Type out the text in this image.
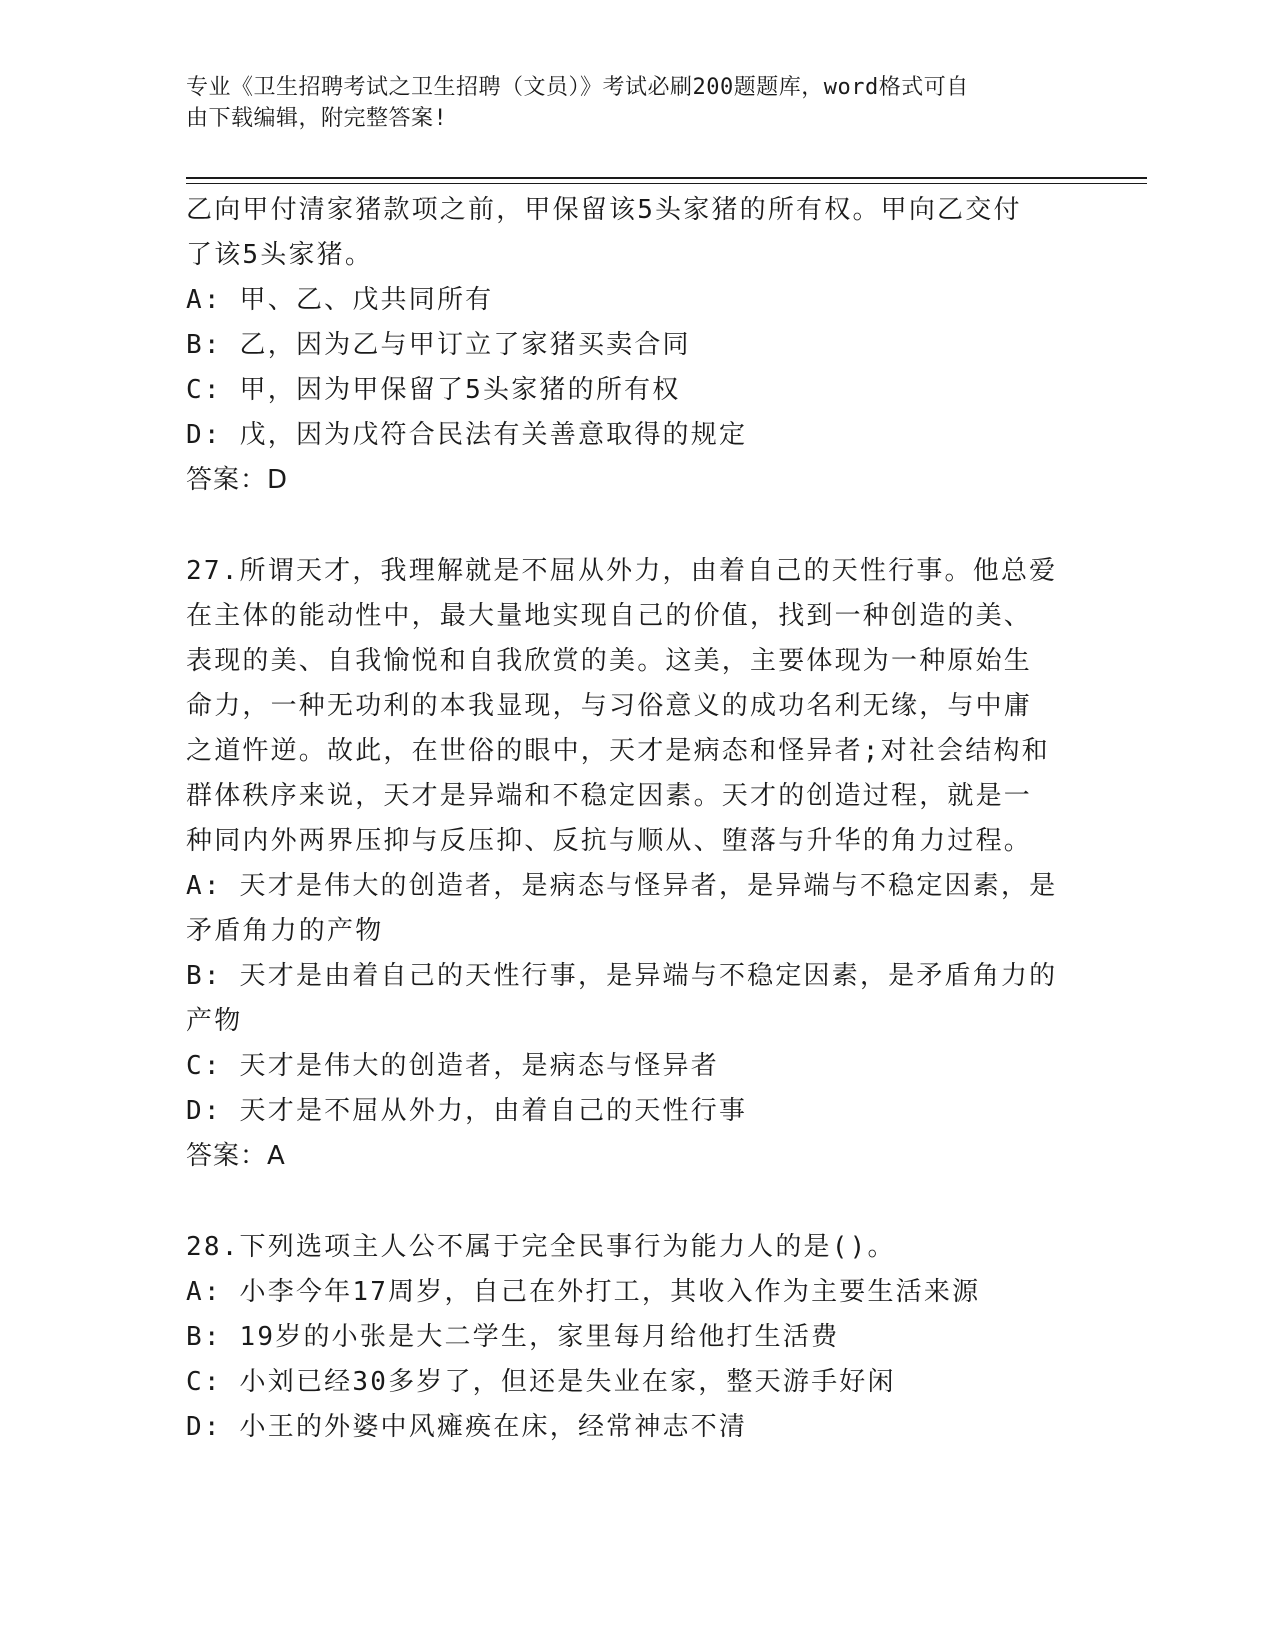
专业《卫生招聘考试之卫生招聘（文员）》考试必刷200题题库，word格式可自
由下载编辑，附完整答案!
乙向甲付清家猪款项之前，甲保留该5头家猪的所有权。甲向乙交付
了该5头家猪。
A: 甲、乙、戊共同所有
B: 乙，因为乙与甲订立了家猪买卖合同
C: 甲，因为甲保留了5头家猪的所有权
D: 戊，因为戊符合民法有关善意取得的规定
答案：D
27.所谓天才，我理解就是不屈从外力，由着自己的天性行事。他总爱
在主体的能动性中，最大量地实现自己的价值，找到一种创造的美、
表现的美、自我愉悦和自我欣赏的美。这美，主要体现为一种原始生
命力，一种无功利的本我显现，与习俗意义的成功名利无缘，与中庸
之道忤逆。故此，在世俗的眼中，天才是病态和怪异者;对社会结构和
群体秩序来说，天才是异端和不稳定因素。天才的创造过程，就是一
种同内外两界压抑与反压抑、反抗与顺从、堕落与升华的角力过程。
A: 天才是伟大的创造者，是病态与怪异者，是异端与不稳定因素，是
矛盾角力的产物
B: 天才是由着自己的天性行事，是异端与不稳定因素，是矛盾角力的
产物
C: 天才是伟大的创造者，是病态与怪异者
D: 天才是不屈从外力，由着自己的天性行事
答案：A
28.下列选项主人公不属于完全民事行为能力人的是()。
A: 小李今年17周岁，自己在外打工，其收入作为主要生活来源
B: 19岁的小张是大二学生，家里每月给他打生活费
C: 小刘已经30多岁了，但还是失业在家，整天游手好闲
D: 小王的外婆中风瘫痪在床，经常神志不清
